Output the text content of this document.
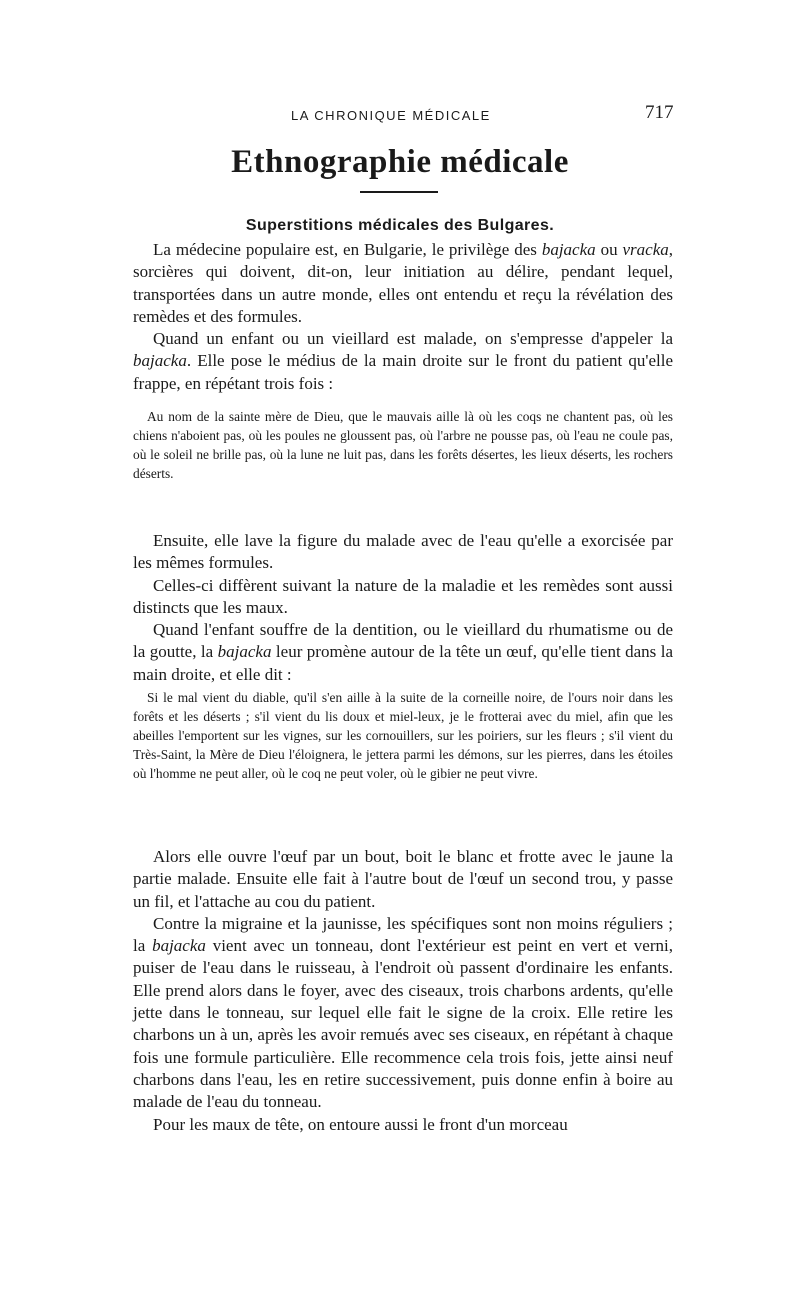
LA CHRONIQUE MÉDICALE	717
Ethnographie médicale
Superstitions médicales des Bulgares.

La médecine populaire est, en Bulgarie, le privilège des bajacka ou vracka, sorcières qui doivent, dit-on, leur initiation au délire, pendant lequel, transportées dans un autre monde, elles ont entendu et reçu la révélation des remèdes et des formules.

Quand un enfant ou un vieillard est malade, on s'empresse d'appeler la bajacka. Elle pose le médius de la main droite sur le front du patient qu'elle frappe, en répétant trois fois :

Au nom de la sainte mère de Dieu, que le mauvais aille là où les coqs ne chantent pas, où les chiens n'aboient pas, où les poules ne gloussent pas, où l'arbre ne pousse pas, où l'eau ne coule pas, où le soleil ne brille pas, où la lune ne luit pas, dans les forêts désertes, les lieux déserts, les rochers déserts.

Ensuite, elle lave la figure du malade avec de l'eau qu'elle a exorcisée par les mêmes formules.

Celles-ci diffèrent suivant la nature de la maladie et les remèdes sont aussi distincts que les maux.

Quand l'enfant souffre de la dentition, ou le vieillard du rhumatisme ou de la goutte, la bajacka leur promène autour de la tête un œuf, qu'elle tient dans la main droite, et elle dit :

Si le mal vient du diable, qu'il s'en aille à la suite de la corneille noire, de l'ours noir dans les forêts et les déserts ; s'il vient du lis doux et miel-leux, je le frotterai avec du miel, afin que les abeilles l'emportent sur les vignes, sur les cornouillers, sur les poiriers, sur les fleurs ; s'il vient du Très-Saint, la Mère de Dieu l'éloignera, le jettera parmi les démons, sur les pierres, dans les étoiles où l'homme ne peut aller, où le coq ne peut voler, où le gibier ne peut vivre.

Alors elle ouvre l'œuf par un bout, boit le blanc et frotte avec le jaune la partie malade. Ensuite elle fait à l'autre bout de l'œuf un second trou, y passe un fil, et l'attache au cou du patient.

Contre la migraine et la jaunisse, les spécifiques sont non moins réguliers ; la bajacka vient avec un tonneau, dont l'extérieur est peint en vert et verni, puiser de l'eau dans le ruisseau, à l'endroit où passent d'ordinaire les enfants. Elle prend alors dans le foyer, avec des ciseaux, trois charbons ardents, qu'elle jette dans le tonneau, sur lequel elle fait le signe de la croix. Elle retire les charbons un à un, après les avoir remués avec ses ciseaux, en répétant à chaque fois une formule particulière. Elle recommence cela trois fois, jette ainsi neuf charbons dans l'eau, les en retire successivement, puis donne enfin à boire au malade de l'eau du tonneau.

Pour les maux de tête, on entoure aussi le front d'un morceau
